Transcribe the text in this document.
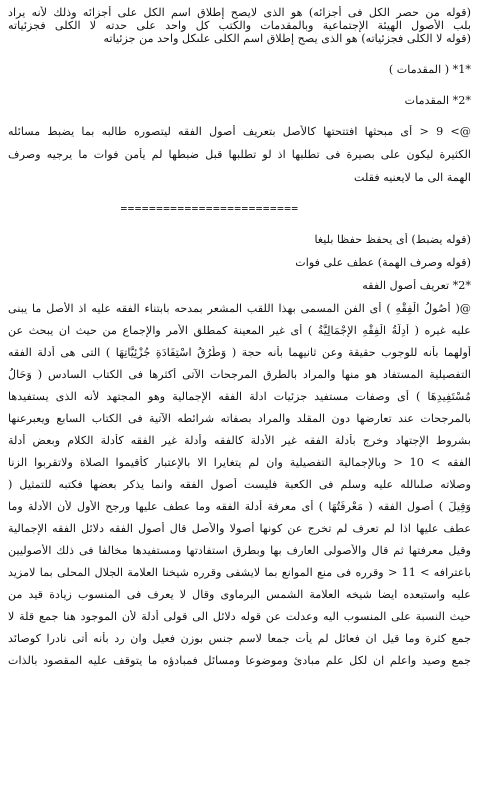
(قوله من حصر الكل فى أجزائه) هو الذى لايصح إطلاق اسم الكل على أجزائه وذلك لأنه يراد
بلب الأصول الهيئة الإجتماعية وبالمقدمات والكتب كل واحد على حدته لا الكلى فجزئياته
(قوله لا الكلى فجزئياته) هو الذى يصح إطلاق اسم الكلى علىكل واحد من جزئياته
*1* ( المقدمات )
*2* المقدمات
@> 9 < أى مبحثها افتتحتها كالأصل بتعريف أصول الفقه ليتصوره طالبه بما يضبط مسائله
الكثيرة ليكون على بصيرة فى تطلبها اذ لو تطلبها قبل ضبطها لم يأمن فوات ما يرجيه وصرف
الهمة الى ما لايعنيه فقلت
=========================
(قوله يضبط) أى يحفظ حفظا بليغا
(قوله وصرف الهمة) عطف على فوات
*2* تعريف أصول الفقه
@( أُصُولُ الْفِقْهِ ) أى الفن المسمى بهذا اللقب المشعر بمدحه بابتناء الفقه عليه اذ الأصل ما يبنى
عليه غيره ( أَدِلَّةُ الْفِقْهِ الإِجْمَالِيَّةُ ) أى غير المعينة كمطلق الأمر والإجماع من حيث ان يبحث عن
أولهما بأنه للوجوب حقيقة وعن ثانيهما بأنه حجة ( وَطُرُقُ اسْتِفَادَةِ جُزْئِيَّاتِهَا ) التى هى أدلة الفقه
التفصيلية المستفاد هو منها والمراد بالطرق المرجحات الآتى أكثرها فى الكتاب السادس ( وَحَالُ
مُسْتَفِيدِهَا ) أى وصفات مستفيد جزئيات ادلة الفقه الإجمالية وهو المجتهد لأنه الذى يستفيدها
بالمرجحات عند تعارضها دون المقلد والمراد بصفاته شرائطه الآتية فى الكتاب السابع ويعبرعنها
بشروط الإجتهاد وخرج بأدلة الفقه غير الأدلة كالفقه وأدلة غير الفقه كأدلة الكلام وبعض أدلة
الفقه > 10 < وبالإجمالية التفصيلية وان لم يتغايرا الا بالإعتبار كأقيموا الصلاة ولاتقربوا الزنا
وصلاته صلىالله عليه وسلم فى الكعبة فليست أصول الفقه وانما يذكر بعضها فكتبه للتمثيل (
وَقِيلَ ) أصول الفقه ( مَعْرِفَتُهَا ) أى معرفة أدلة الفقه وما عطف عليها ورجح الأول لأن الأدلة وما
عطف عليها اذا لم تعرف لم تخرج عن كونها أصولا والأصل قال أصول الفقه دلائل الفقه الإجمالية
وقيل معرفتها ثم قال والأصولى العارف بها وبطرق استفادتها ومستفيدها مخالفا فى ذلك الأصوليين
باعترافه > 11 < وقرره فى منع الموانع بما لايشفى وقرره شيخنا العلامة الجلال المحلى بما لامزيد
عليه واستبعده ايضا شيخه العلامة الشمس البرماوى وقال لا يعرف فى المنسوب زيادة قيد من
حيث النسبة على المنسوب اليه وعدلت عن قوله دلائل الى قولى أدلة لأن الموجود هنا جمع قلة لا
جمع كثرة وما قيل ان فعائل لم يأت جمعا لاسم جنس بوزن فعيل وان رد بأنه أتى نادرا كوصائد
جمع وصيد واعلم ان لكل علم مبادئ وموضوعا ومسائل فمبادؤه ما يتوقف عليه المقصود بالذات
